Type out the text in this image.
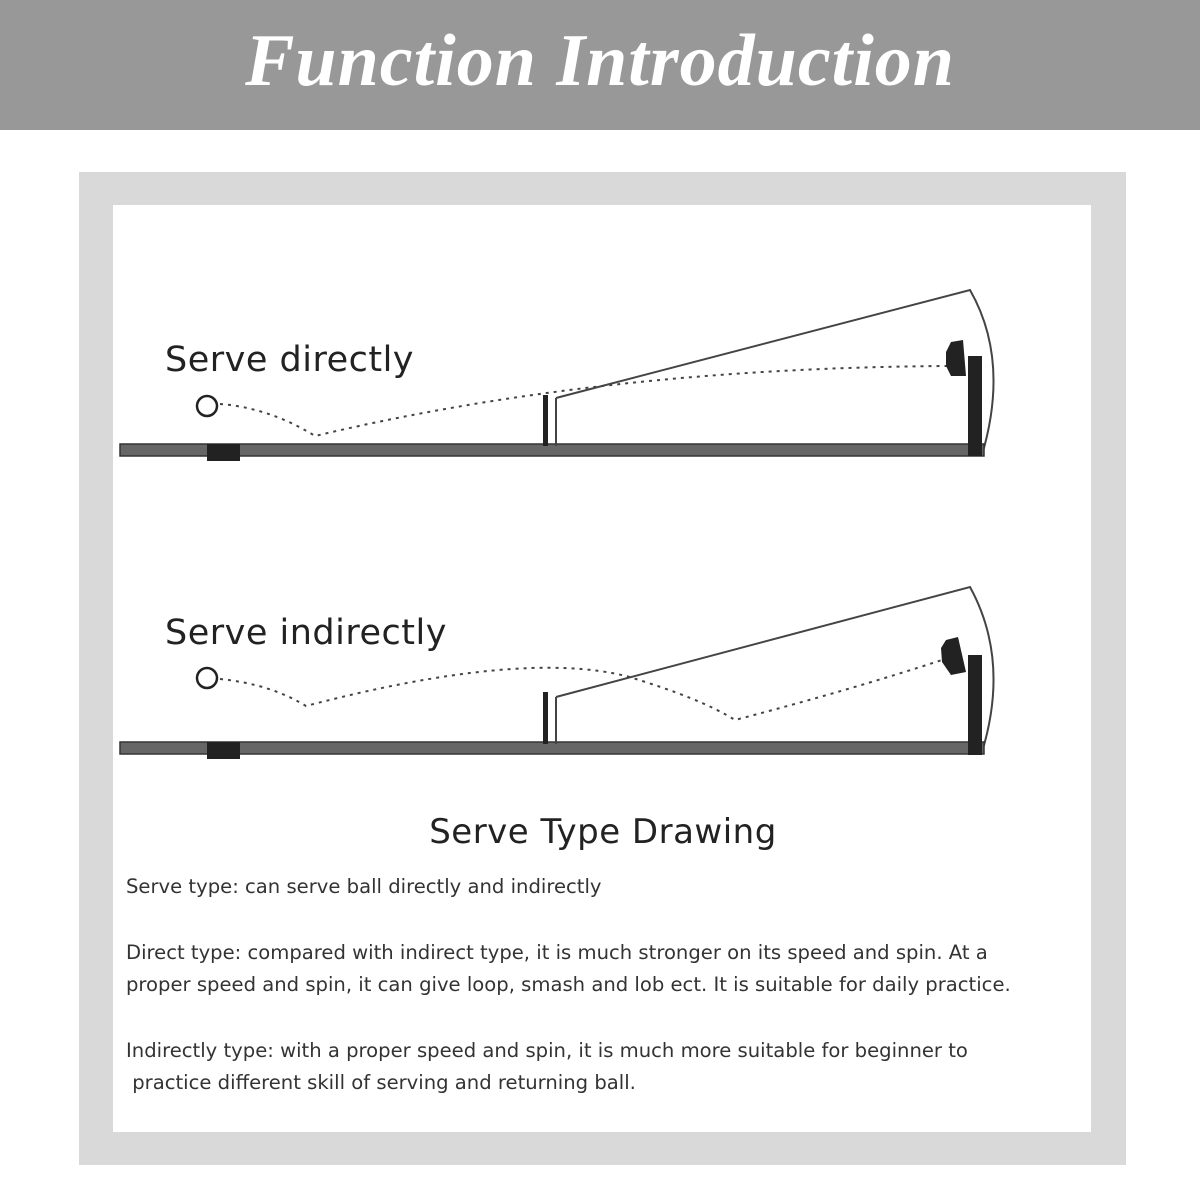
Function Introduction
Serve directly
Serve indirectly
Serve Type Drawing

Serve type: can serve ball directly and indirectly

Direct type: compared with indirect type, it is much stronger on its speed and spin. At a

proper speed and spin, it can give loop, smash and lob ect. It is suitable for daily practice.

Indirectly type: with a proper speed and spin, it is much more suitable for beginner to

practice different skill of serving and returning ball.
